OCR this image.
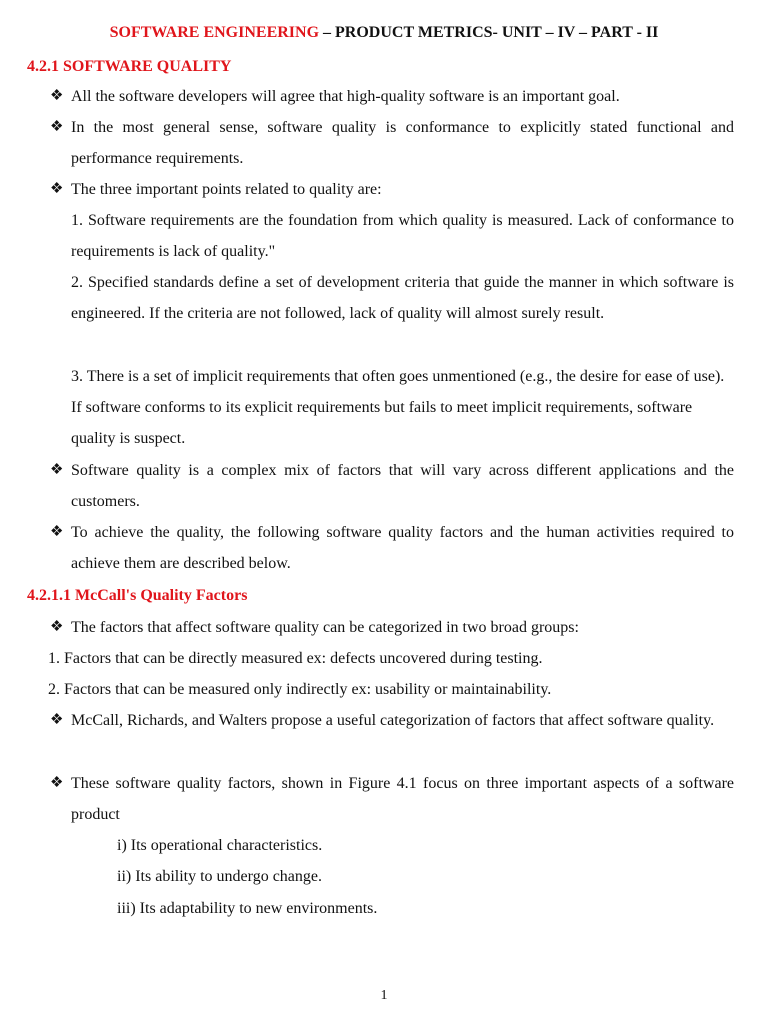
SOFTWARE ENGINEERING – PRODUCT METRICS- UNIT – IV – PART - II
4.2.1 SOFTWARE QUALITY
❖ All the software developers will agree that high-quality software is an important goal.
❖ In the most general sense, software quality is conformance to explicitly stated functional and performance requirements.
❖ The three important points related to quality are:
1. Software requirements are the foundation from which quality is measured. Lack of conformance to requirements is lack of quality."
2. Specified standards define a set of development criteria that guide the manner in which software is engineered. If the criteria are not followed, lack of quality will almost surely result.
3. There is a set of implicit requirements that often goes unmentioned (e.g., the desire for ease of use). If software conforms to its explicit requirements but fails to meet implicit requirements, software quality is suspect.
❖ Software quality is a complex mix of factors that will vary across different applications and the customers.
❖ To achieve the quality, the following software quality factors and the human activities required to achieve them are described below.
4.2.1.1 McCall's Quality Factors
❖ The factors that affect software quality can be categorized in two broad groups:
1. Factors that can be directly measured ex: defects uncovered during testing.
2. Factors that can be measured only indirectly ex: usability or maintainability.
❖ McCall, Richards, and Walters propose a useful categorization of factors that affect software quality.
❖ These software quality factors, shown in Figure 4.1 focus on three important aspects of a software product
i) Its operational characteristics.
ii) Its ability to undergo change.
iii) Its adaptability to new environments.
1
